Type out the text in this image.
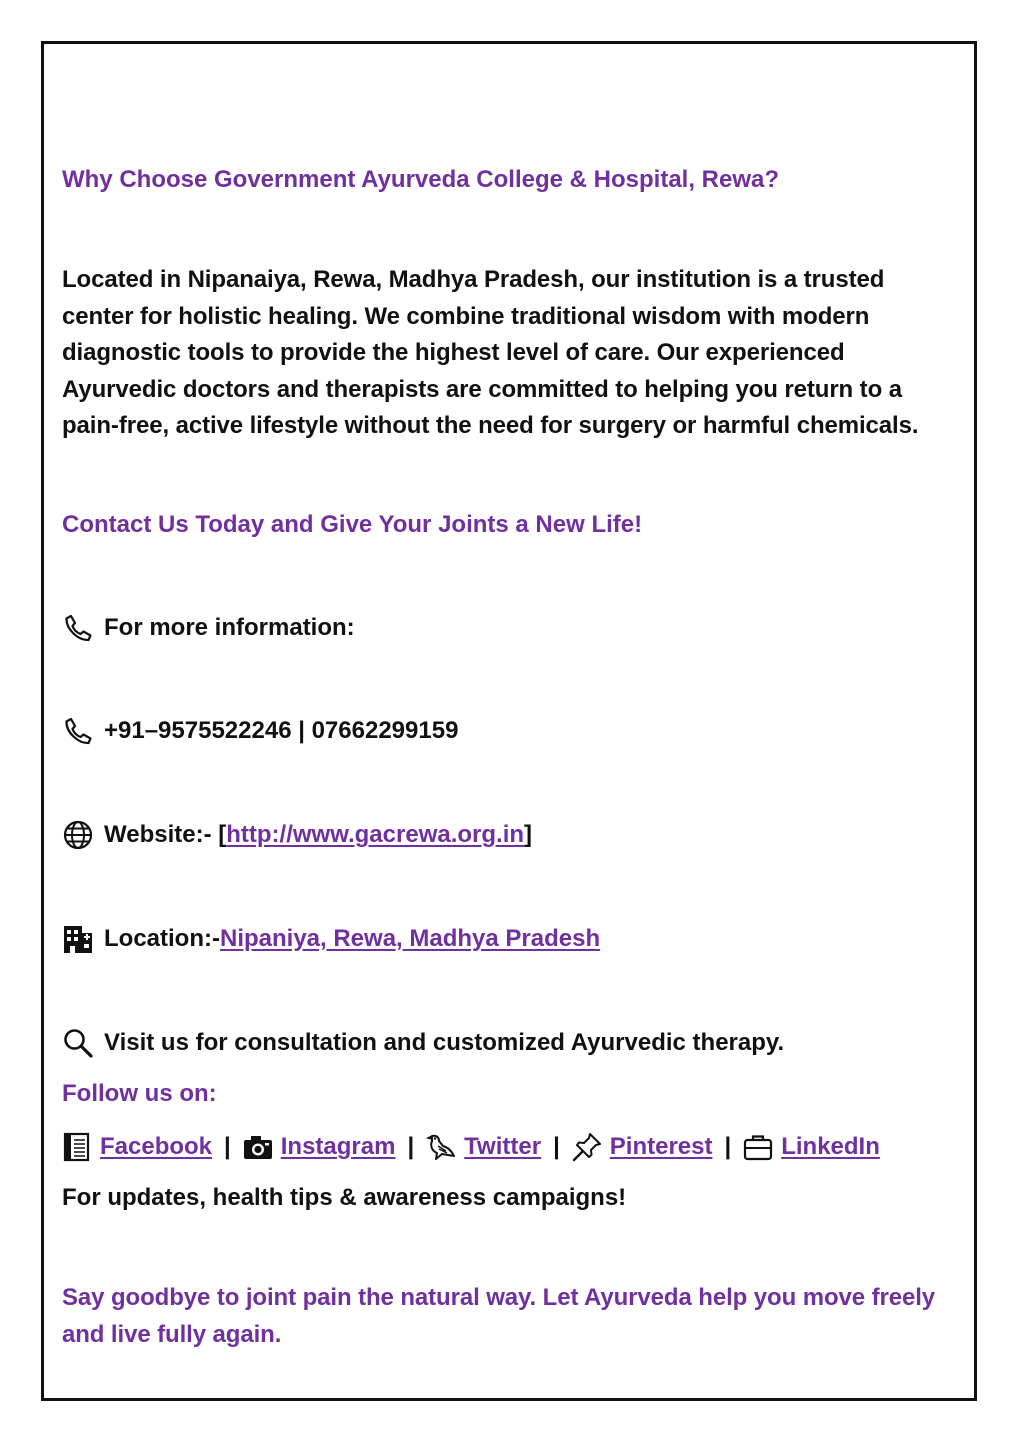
Why Choose Government Ayurveda College & Hospital, Rewa?
Located in Nipanaiya, Rewa, Madhya Pradesh, our institution is a trusted center for holistic healing. We combine traditional wisdom with modern diagnostic tools to provide the highest level of care. Our experienced Ayurvedic doctors and therapists are committed to helping you return to a pain-free, active lifestyle without the need for surgery or harmful chemicals.
Contact Us Today and Give Your Joints a New Life!
For more information:
+91–9575522246 | 07662299159
Website:- [ http://www.gacrewa.org.in ]
Location:- Nipaniya, Rewa, Madhya Pradesh
Visit us for consultation and customized Ayurvedic therapy.
Follow us on:
Facebook | Instagram | Twitter | Pinterest | LinkedIn
For updates, health tips & awareness campaigns!
Say goodbye to joint pain the natural way. Let Ayurveda help you move freely and live fully again.
